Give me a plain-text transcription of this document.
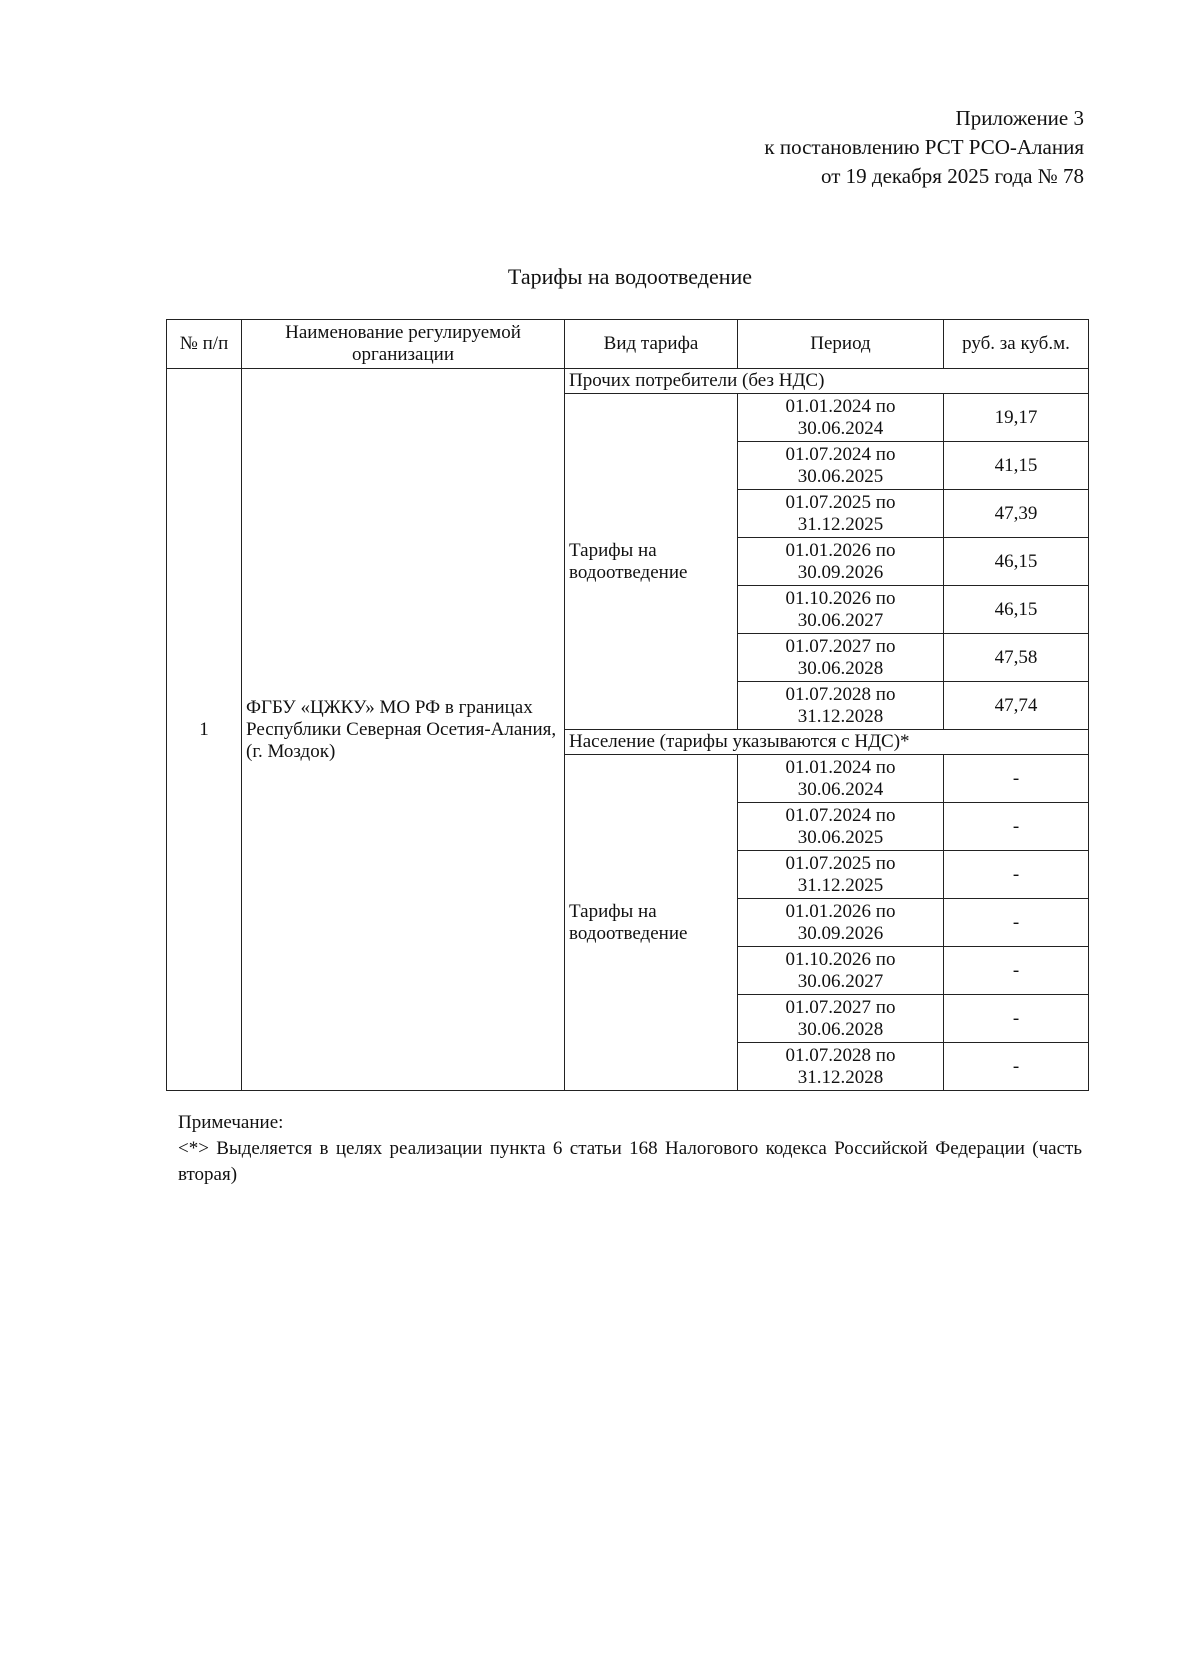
Приложение 3
к постановлению РСТ РСО-Алания
от 19 декабря 2025 года № 78
Тарифы на водоотведение
№ п/п	Наименование регулируемой организации	Вид тарифа	Период	руб. за куб.м.
1	ФГБУ «ЦЖКУ» МО РФ в границах Республики Северная Осетия-Алания, (г. Моздок)	Прочих потребители (без НДС)		
		Тарифы на водоотведение	01.01.2024 по 30.06.2024	19,17
			01.07.2024 по 30.06.2025	41,15
			01.07.2025 по 31.12.2025	47,39
			01.01.2026 по 30.09.2026	46,15
			01.10.2026 по 30.06.2027	46,15
			01.07.2027 по 30.06.2028	47,58
			01.07.2028 по 31.12.2028	47,74
		Население (тарифы указываются с НДС)*		
		Тарифы на водоотведение	01.01.2024 по 30.06.2024	-
			01.07.2024 по 30.06.2025	-
			01.07.2025 по 31.12.2025	-
			01.01.2026 по 30.09.2026	-
			01.10.2026 по 30.06.2027	-
			01.07.2027 по 30.06.2028	-
			01.07.2028 по 31.12.2028	-
Примечание:
<*> Выделяется в целях реализации пункта 6 статьи 168 Налогового кодекса Российской Федерации (часть вторая)
